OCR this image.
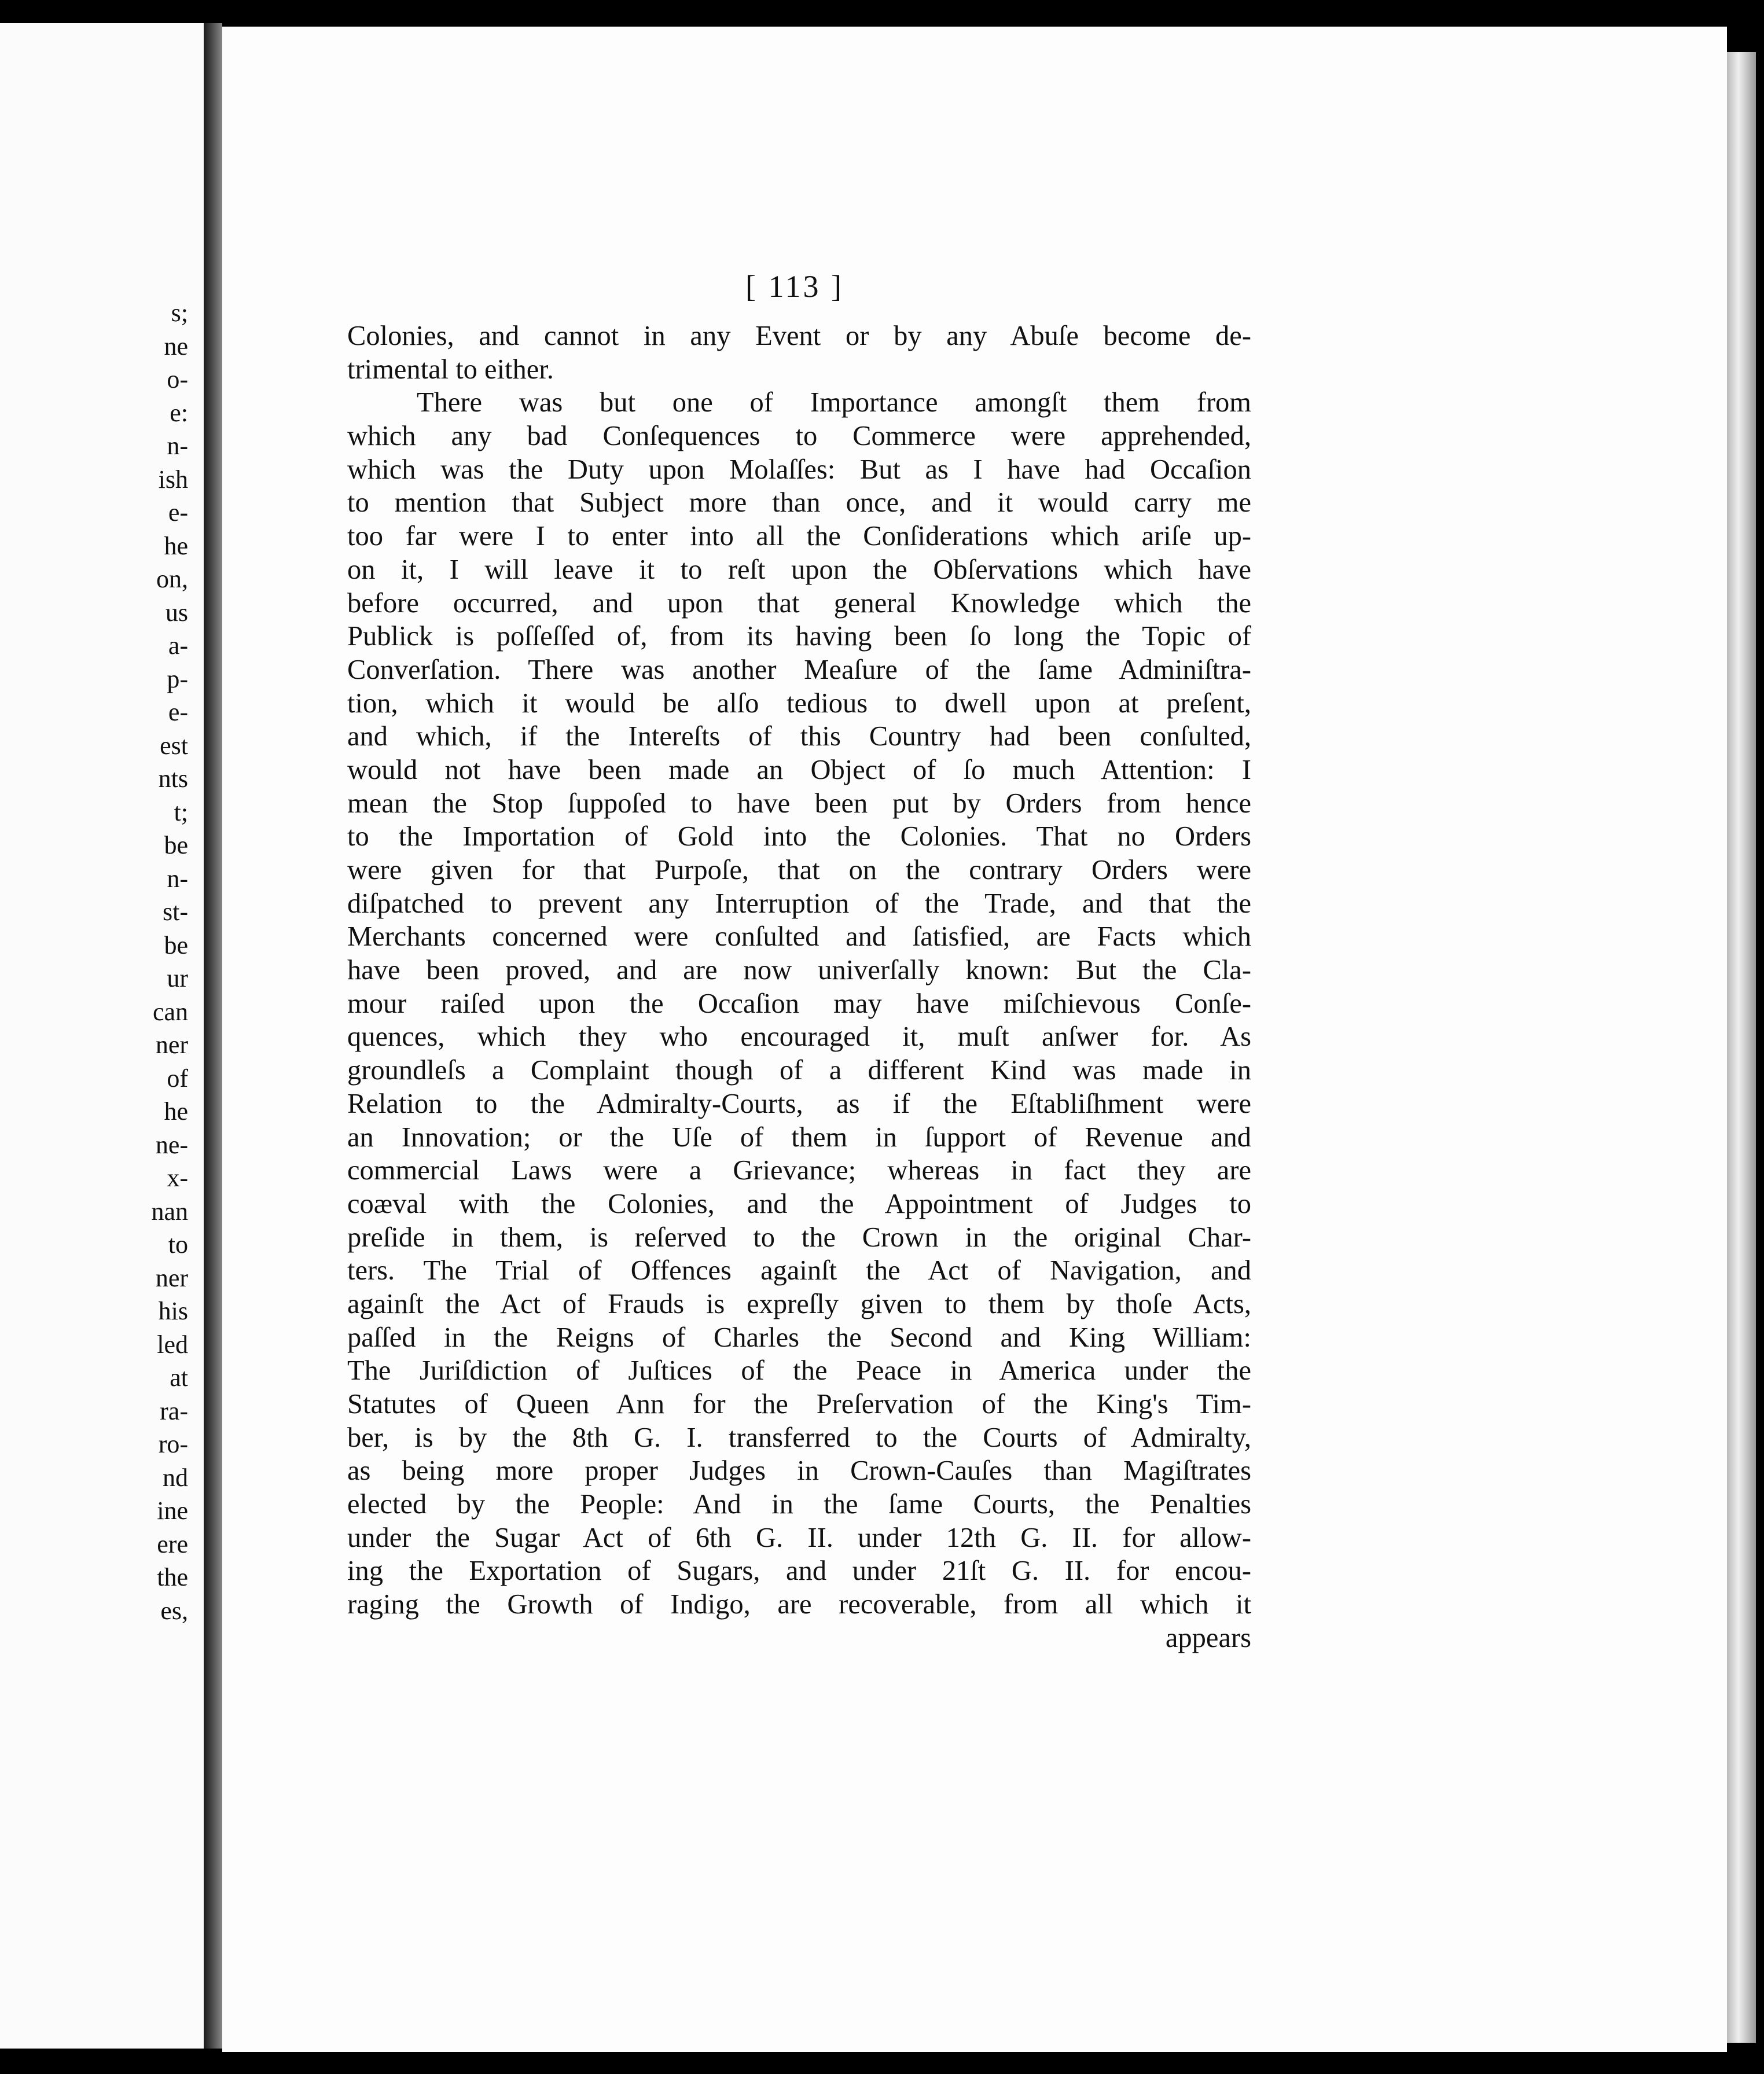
s;
ne
o-
e:
n-
ish
e-
he
on,
us
a-
p-
e-
est
nts
t;
be
n-
st-
be
ur
can
ner
of
he
ne-
x-
nan
to
ner
his
led
at
ra-
ro-
nd
ine
ere
the
es,
[ 113 ]
Colonies, and cannot in any Event or by any Abuſe become de-
trimental to either.
There was but one of Importance amongſt them from
which any bad Conſequences to Commerce were apprehended,
which was the Duty upon Molaſſes: But as I have had Occaſion
to mention that Subject more than once, and it would carry me
too far were I to enter into all the Conſiderations which ariſe up-
on it, I will leave it to reſt upon the Obſervations which have
before occurred, and upon that general Knowledge which the
Publick is poſſeſſed of, from its having been ſo long the Topic of
Converſation. There was another Meaſure of the ſame Adminiſtra-
tion, which it would be alſo tedious to dwell upon at preſent,
and which, if the Intereſts of this Country had been conſulted,
would not have been made an Object of ſo much Attention: I
mean the Stop ſuppoſed to have been put by Orders from hence
to the Importation of Gold into the Colonies. That no Orders
were given for that Purpoſe, that on the contrary Orders were
diſpatched to prevent any Interruption of the Trade, and that the
Merchants concerned were conſulted and ſatisfied, are Facts which
have been proved, and are now univerſally known: But the Cla-
mour raiſed upon the Occaſion may have miſchievous Conſe-
quences, which they who encouraged it, muſt anſwer for. As
groundleſs a Complaint though of a different Kind was made in
Relation to the Admiralty-Courts, as if the Eſtabliſhment were
an Innovation; or the Uſe of them in ſupport of Revenue and
commercial Laws were a Grievance; whereas in fact they are
coæval with the Colonies, and the Appointment of Judges to
preſide in them, is reſerved to the Crown in the original Char-
ters. The Trial of Offences againſt the Act of Navigation, and
againſt the Act of Frauds is expreſly given to them by thoſe Acts,
paſſed in the Reigns of Charles the Second and King William:
The Juriſdiction of Juſtices of the Peace in America under the
Statutes of Queen Ann for the Preſervation of the King's Tim-
ber, is by the 8th G. I. transferred to the Courts of Admiralty,
as being more proper Judges in Crown-Cauſes than Magiſtrates
elected by the People: And in the ſame Courts, the Penalties
under the Sugar Act of 6th G. II. under 12th G. II. for allow-
ing the Exportation of Sugars, and under 21ſt G. II. for encou-
raging the Growth of Indigo, are recoverable, from all which it
appears
